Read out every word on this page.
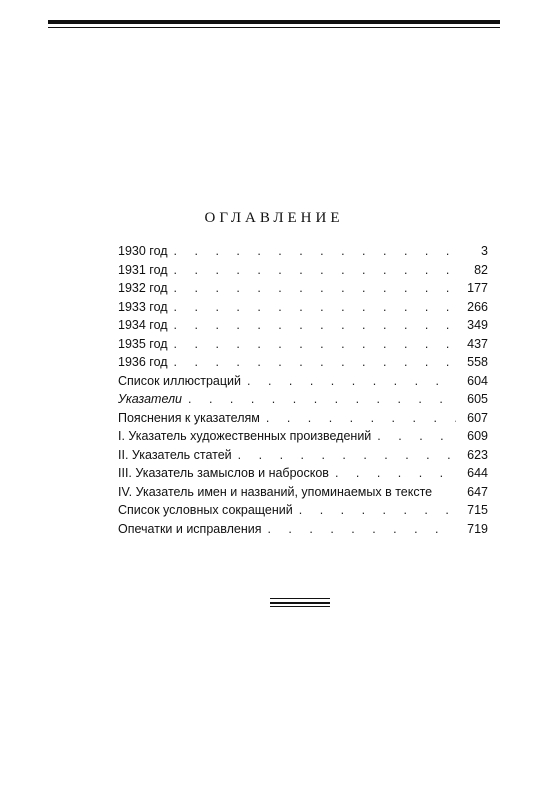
ОГЛАВЛЕНИЕ
1930 год . . .	3
1931 год . . .	82
1932 год . . .	177
1933 год . . .	266
1934 год . . .	349
1935 год . . .	437
1936 год . . .	558
Список иллюстраций . . .	604
Указатели . . .	605
Пояснения к указателям . . .	607
I. Указатель художественных произведений . . .	609
II. Указатель статей . . .	623
III. Указатель замыслов и набросков . . .	644
IV. Указатель имен и названий, упоминаемых в тексте	647
Список условных сокращений . . .	715
Опечатки и исправления . . .	719
